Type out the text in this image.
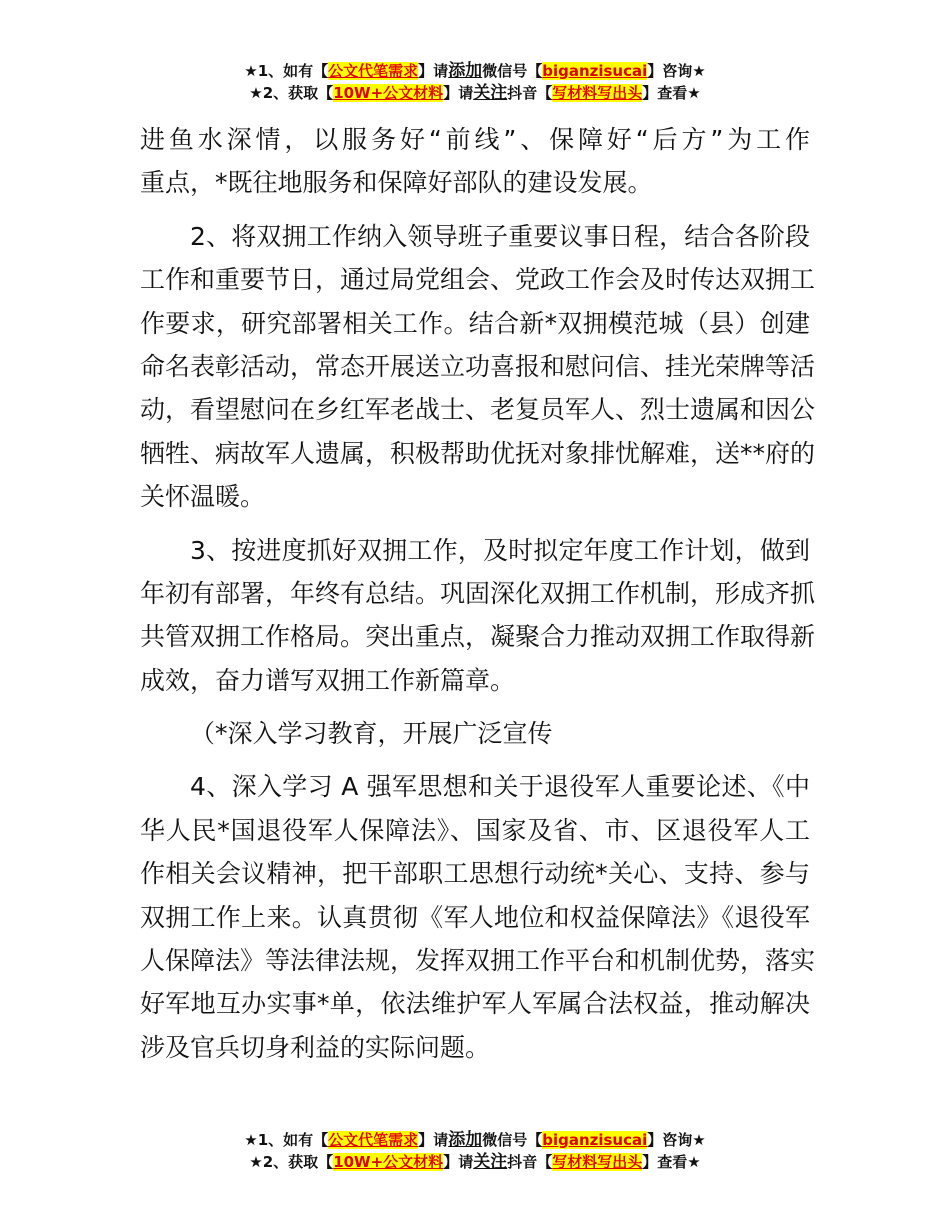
★1、如有【公文代笔需求】请添加微信号【biganzisucai】咨询★
★2、获取【10W+公文材料】请关注抖音【写材料写出头】查看★
进鱼水深情，以服务好“前线”、保障好“后方”为工作
重点，*既往地服务和保障好部队的建设发展。
2、将双拥工作纳入领导班子重要议事日程，结合各阶段
工作和重要节日，通过局党组会、党政工作会及时传达双拥工
作要求，研究部署相关工作。结合新*双拥模范城（县）创建
命名表彰活动，常态开展送立功喜报和慰问信、挂光荣牌等活
动，看望慰问在乡红军老战士、老复员军人、烈士遗属和因公
牺牲、病故军人遗属，积极帮助优抚对象排忧解难，送**府的
关怀温暖。
3、按进度抓好双拥工作，及时拟定年度工作计划，做到
年初有部署，年终有总结。巩固深化双拥工作机制，形成齐抓
共管双拥工作格局。突出重点，凝聚合力推动双拥工作取得新
成效，奋力谱写双拥工作新篇章。
（*深入学习教育，开展广泛宣传
4、深入学习 A 强军思想和关于退役军人重要论述、《中
华人民*国退役军人保障法》、国家及省、市、区退役军人工
作相关会议精神，把干部职工思想行动统*关心、支持、参与
双拥工作上来。认真贯彻《军人地位和权益保障法》《退役军
人保障法》等法律法规，发挥双拥工作平台和机制优势，落实
好军地互办实事*单，依法维护军人军属合法权益，推动解决
涉及官兵切身利益的实际问题。
★1、如有【公文代笔需求】请添加微信号【biganzisucai】咨询★
★2、获取【10W+公文材料】请关注抖音【写材料写出头】查看★
